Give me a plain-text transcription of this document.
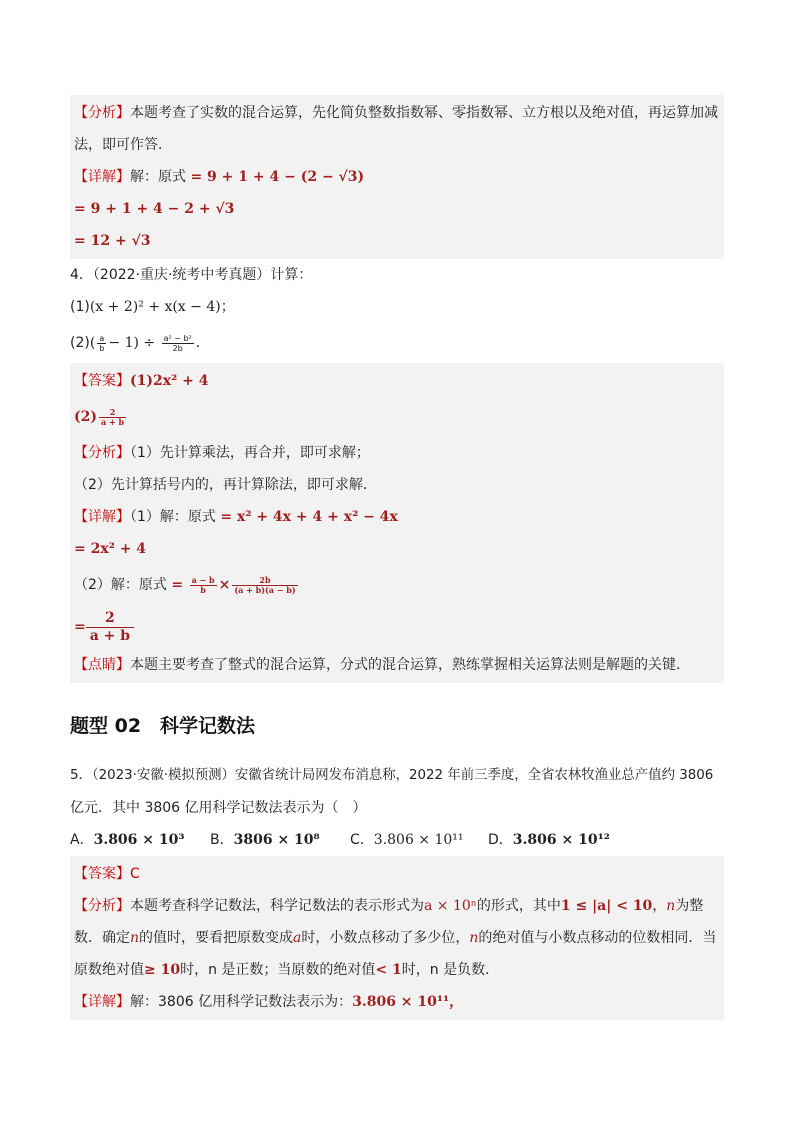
【分析】本题考查了实数的混合运算，先化简负整数指数幂、零指数幂、立方根以及绝对值，再运算加减法，即可作答．
【详解】解：原式 = 9 + 1 + 4 − (2 − √3)
= 9 + 1 + 4 − 2 + √3
= 12 + √3
4．（2022·重庆·统考中考真题）计算：
(1)(x + 2)² + x(x − 4)；
$(2)( \frac{a}{b} - 1) \div \frac{\text{a² − b²}}{2b}$ ．
【答案】(1)2x² + 4
$(2) \frac{2}{a + b}$
【分析】（1）先计算乘法，再合并，即可求解；
（2）先计算括号内的，再计算除法，即可求解．
【详解】（1）解：原式 = x² + 4x + 4 + x² − 4x
= 2x² + 4
（2）解：原式 = $\frac{a - b}{b} \times \frac{2b}{(a + b)(a - b)}$
= $\frac{2}{a + b}$
【点睛】本题主要考查了整式的混合运算，分式的混合运算，熟练掌握相关运算法则是解题的关键．
题型 02　科学记数法
5．（2023·安徽·模拟预测）安徽省统计局网发布消息称，2022 年前三季度，全省农林牧渔业总产值约 3806
亿元．其中 3806 亿用科学记数法表示为（　）
A．3.806 × 10³	B．3806 × 10⁸	C．3.806 × 10¹¹	D．3.806 × 10¹²
【答案】C
【分析】本题考查科学记数法，科学记数法的表示形式为a × 10ⁿ的形式，其中1 ≤ |a| < 10，n为整数．确定n的值时，要看把原数变成a时，小数点移动了多少位，n的绝对值与小数点移动的位数相同．当原数绝对值≥ 10时，n 是正数；当原数的绝对值< 1时，n 是负数．
【详解】解：3806 亿用科学记数法表示为：3.806 × 10¹¹，
